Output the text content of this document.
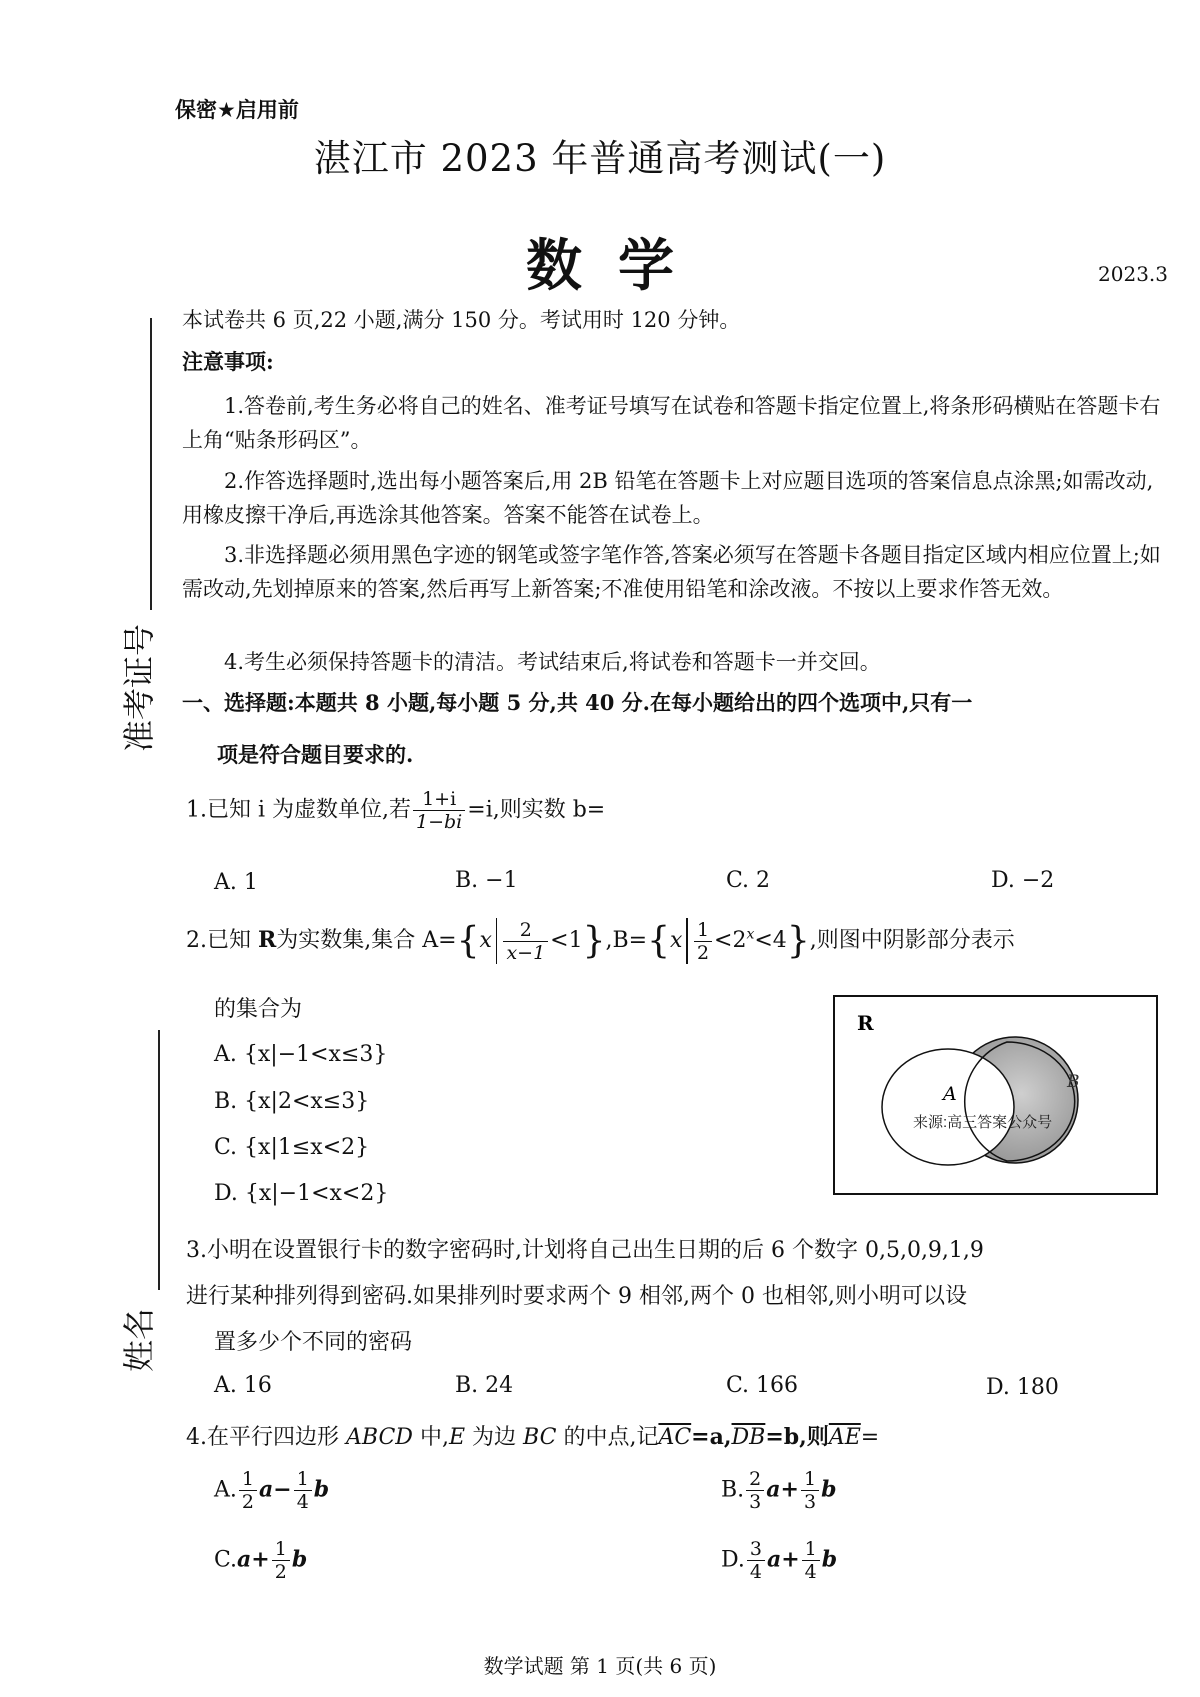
保密★启用前
湛江市 2023 年普通高考测试(一)
数学	2023.3
准考证号
姓名
本试卷共 6 页,22 小题,满分 150 分。考试用时 120 分钟。
注意事项:
1.答卷前,考生务必将自己的姓名、准考证号填写在试卷和答题卡指定位置上,将条形码横贴在答题卡右上角“贴条形码区”。
2.作答选择题时,选出每小题答案后,用 2B 铅笔在答题卡上对应题目选项的答案信息点涂黑;如需改动,用橡皮擦干净后,再选涂其他答案。答案不能答在试卷上。
3.非选择题必须用黑色字迹的钢笔或签字笔作答,答案必须写在答题卡各题目指定区域内相应位置上;如需改动,先划掉原来的答案,然后再写上新答案;不准使用铅笔和涂改液。不按以上要求作答无效。
4.考生必须保持答题卡的清洁。考试结束后,将试卷和答题卡一并交回。
一、选择题:本题共 8 小题,每小题 5 分,共 40 分.在每小题给出的四个选项中,只有一
项是符合题目要求的.
1.已知 i 为虚数单位,若 $\frac{1+i}{1-bi} =i$,则实数 b=
A. 1	B. −1	C. 2	D. −2
2.已知 R为实数集,集合 $A=\{x \frac{2}{x-1} <1\},B=\{x \frac{1}{2} <2^x<4\}$,则图中阴影部分表示
的集合为
A. {x|−1<x≤3}
B. {x|2<x≤3}
C. {x|1≤x<2}
D. {x|−1<x<2}
R
A
B
来源:高三答案公众号
3.小明在设置银行卡的数字密码时,计划将自己出生日期的后 6 个数字 0,5,0,9,1,9
进行某种排列得到密码.如果排列时要求两个 9 相邻,两个 0 也相邻,则小明可以设
置多少个不同的密码
A. 16	B. 24	C. 166	D. 180
4.在平行四边形 ABCD 中,E 为边 BC 的中点,记$\overline{AC}=a,\overline{DB}=b$,则$\overline{AE}=$
A. $\frac{1}{2} a- \frac{1}{4}$ b	B. $\frac{2}{3} a+ \frac{1}{3}$ b
$C.a+ \frac{1}{2}$ b	D. $\frac{3}{4} a+ \frac{1}{4}$ b
数学试题 第 1 页(共 6 页)
